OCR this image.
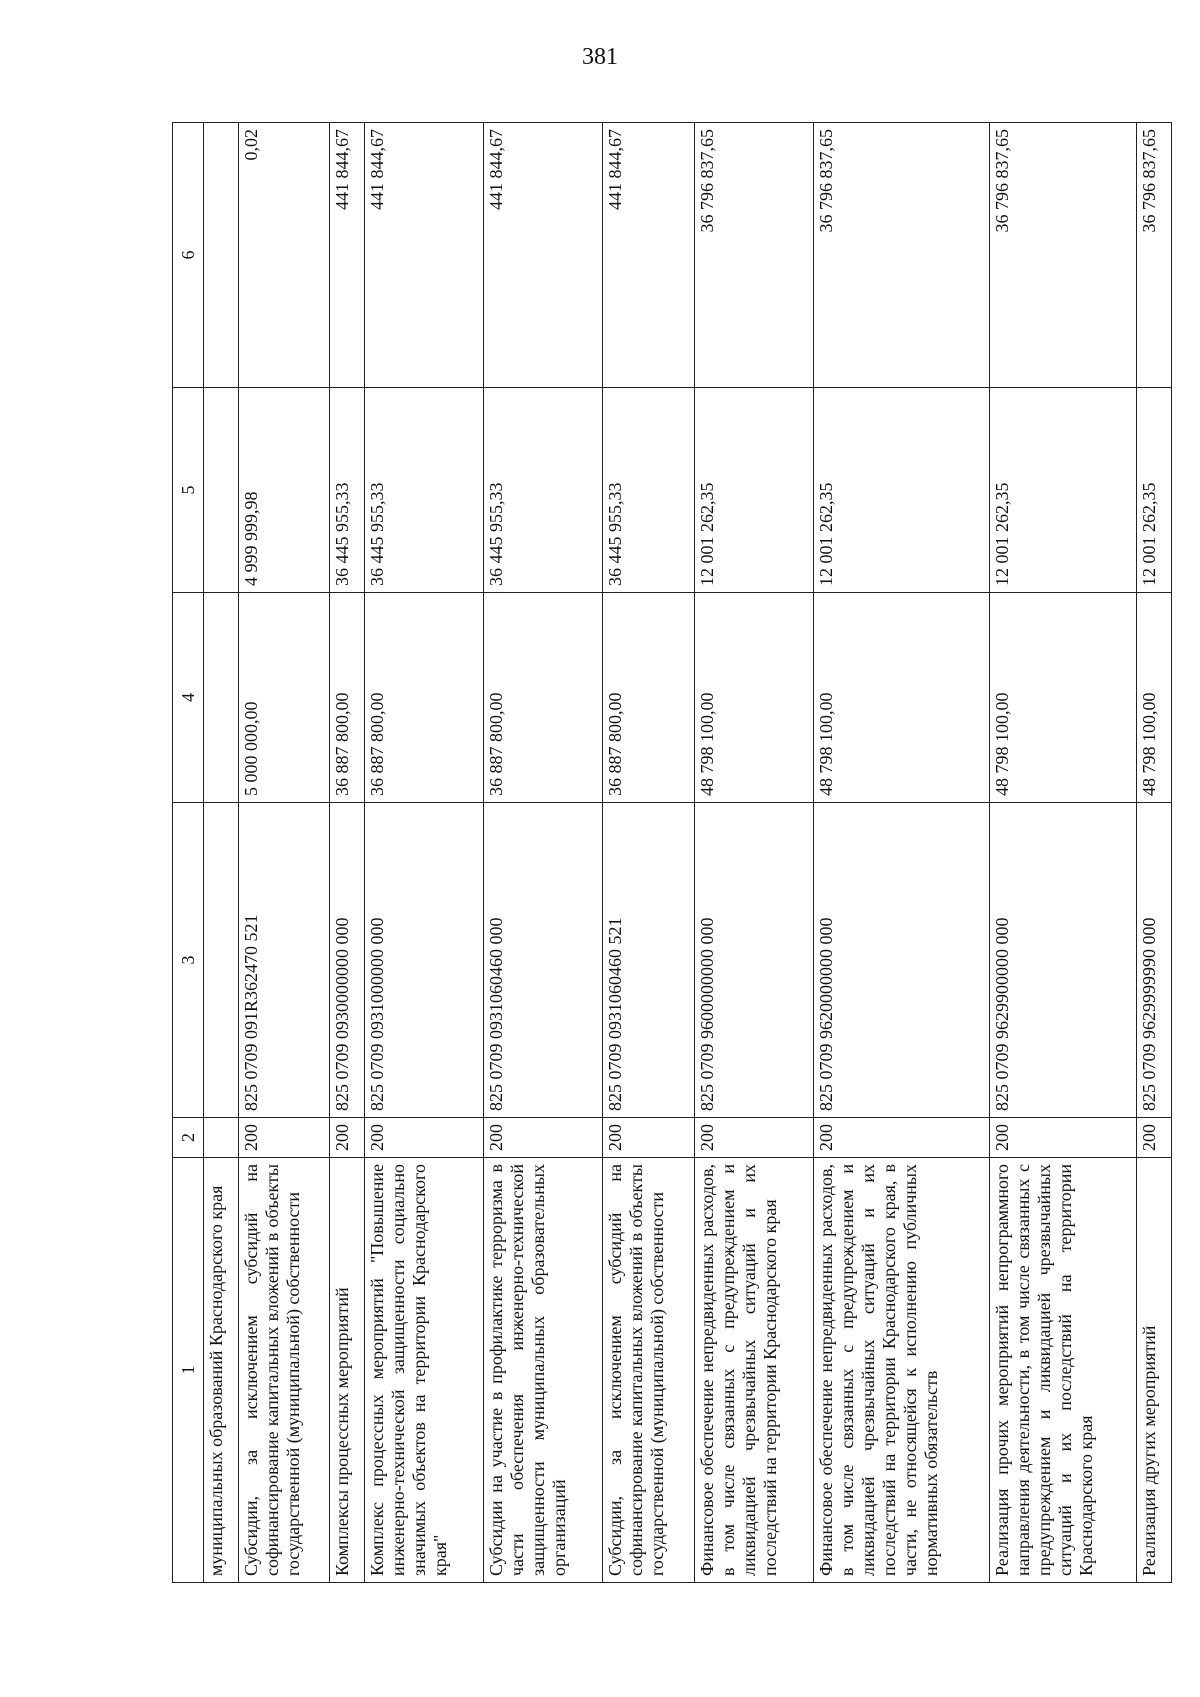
381
1	2	3	4	5	6
муниципальных образований Краснодарского края					
Субсидии, за исключением субсидий на софинансирование капитальных вложений в объекты государственной (муниципальной) собственности	200	825 0709 091R362470 521	5 000 000,00	4 999 999,98	0,02
Комплексы процессных мероприятий	200	825 0709 0930000000 000	36 887 800,00	36 445 955,33	441 844,67
Комплекс процессных мероприятий "Повышение инженерно-технической защищенности социально значимых объектов на территории Краснодарского края"	200	825 0709 0931000000 000	36 887 800,00	36 445 955,33	441 844,67
Субсидии на участие в профилактике терроризма в части обеспечения инженерно-технической защищенности муниципальных образовательных организаций	200	825 0709 0931060460 000	36 887 800,00	36 445 955,33	441 844,67
Субсидии, за исключением субсидий на софинансирование капитальных вложений в объекты государственной (муниципальной) собственности	200	825 0709 0931060460 521	36 887 800,00	36 445 955,33	441 844,67
Финансовое обеспечение непредвиденных расходов, в том числе связанных с предупреждением и ликвидацией чрезвычайных ситуаций и их последствий на территории Краснодарского края	200	825 0709 9600000000 000	48 798 100,00	12 001 262,35	36 796 837,65
Финансовое обеспечение непредвиденных расходов, в том числе связанных с предупреждением и ликвидацией чрезвычайных ситуаций и их последствий на территории Краснодарского края, в части, не относящейся к исполнению публичных нормативных обязательств	200	825 0709 9620000000 000	48 798 100,00	12 001 262,35	36 796 837,65
Реализация прочих мероприятий непрограммного направления деятельности, в том числе связанных с предупреждением и ликвидацией чрезвычайных ситуаций и их последствий на территории Краснодарского края	200	825 0709 9629900000 000	48 798 100,00	12 001 262,35	36 796 837,65
Реализация других мероприятий	200	825 0709 9629999990 000	48 798 100,00	12 001 262,35	36 796 837,65
